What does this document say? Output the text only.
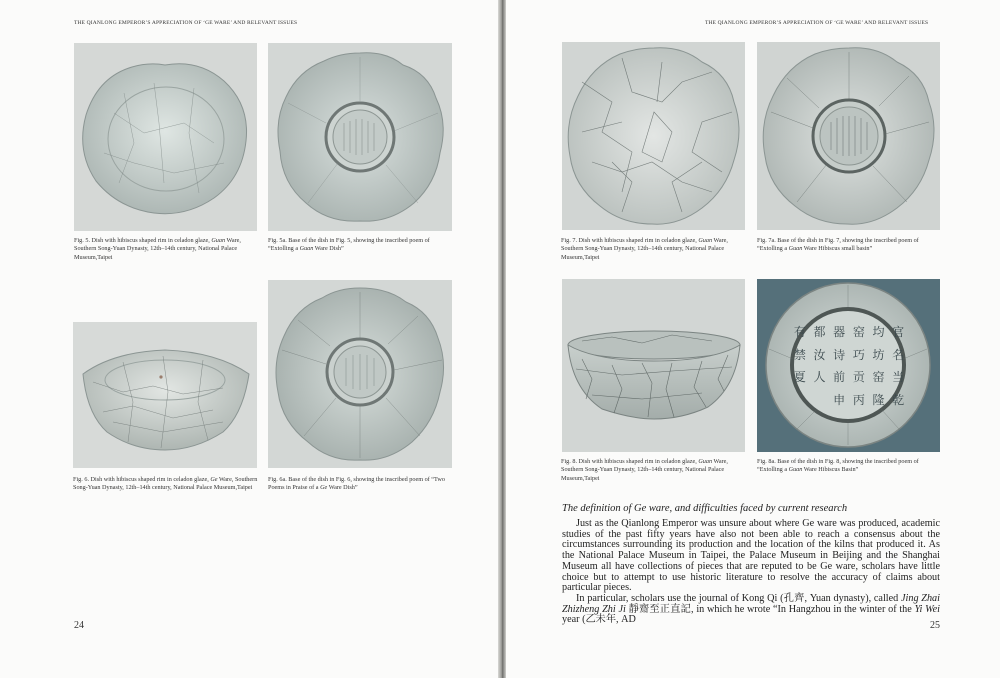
THE QIANLONG EMPEROR’S APPRECIATION OF ‘GE WARE’ AND RELEVANT ISSUES
Fig. 5. Dish with hibiscus shaped rim in celadon glaze, Guan Ware, Southern Song-Yuan Dynasty, 12th–14th century, National Palace Museum,Taipei
Fig. 5a. Base of the dish in Fig. 5, showing the inscribed poem of “Extolling a Guan Ware Dish”
Fig. 6. Dish with hibiscus shaped rim in celadon glaze, Ge Ware, Southern Song-Yuan Dynasty, 12th–14th century, National Palace Museum,Taipei
Fig. 6a. Base of the dish in Fig. 6, showing the inscribed poem of “Two Poems in Praise of a Ge Ware Dish”
24
THE QIANLONG EMPEROR’S APPRECIATION OF ‘GE WARE’ AND RELEVANT ISSUES
25
Fig. 7. Dish with hibiscus shaped rim in celadon glaze, Guan Ware, Southern Song-Yuan Dynasty, 12th–14th century, National Palace Museum,Taipei
Fig. 7a. Base of the dish in Fig. 7, showing the inscribed poem of “Extolling a Guan Ware Hibiscus small basin”
Fig. 8. Dish with hibiscus shaped rim in celadon glaze, Guan Ware, Southern Song-Yuan Dynasty, 12th–14th century, National Palace Museum,Taipei
官
均
窑
器
都
有
名
坊
巧
诗
汝
禁
当
窑
贡
前
人
夏
乾
隆
丙
申
Fig. 8a. Base of the dish in Fig. 8, showing the inscribed poem of “Extolling a Guan Ware Hibiscus Basin”
The definition of Ge ware, and difficulties faced by current research

Just as the Qianlong Emperor was unsure about where Ge ware was produced, academic studies of the past fifty years have also not been able to reach a consensus about the circumstances surrounding its production and the location of the kilns that produced it. As the National Palace Museum in Taipei, the Palace Museum in Beijing and the Shanghai Museum all have collections of pieces that are reputed to be Ge ware, scholars have little choice but to attempt to use historic literature to resolve the accuracy of claims about particular pieces.

In particular, scholars use the journal of Kong Qi (孔齊, Yuan dynasty), called Jing Zhai Zhizheng Zhi Ji 靜齋至正直記, in which he wrote “In Hangzhou in the winter of the Yi Wei year (乙未年, AD
